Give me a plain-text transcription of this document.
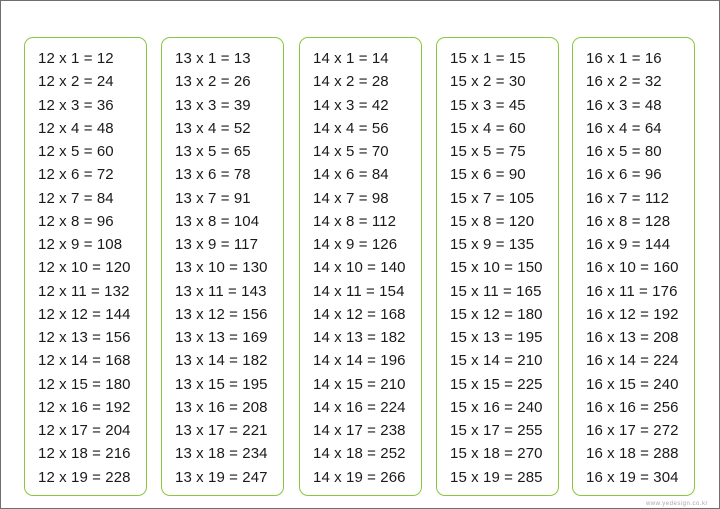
12 x 1 = 12
12 x 2 = 24
12 x 3 = 36
12 x 4 = 48
12 x 5 = 60
12 x 6 = 72
12 x 7 = 84
12 x 8 = 96
12 x 9 = 108
12 x 10 = 120
12 x 11 = 132
12 x 12 = 144
12 x 13 = 156
12 x 14 = 168
12 x 15 = 180
12 x 16 = 192
12 x 17 = 204
12 x 18 = 216
12 x 19 = 228
13 x 1 = 13
13 x 2 = 26
13 x 3 = 39
13 x 4 = 52
13 x 5 = 65
13 x 6 = 78
13 x 7 = 91
13 x 8 = 104
13 x 9 = 117
13 x 10 = 130
13 x 11 = 143
13 x 12 = 156
13 x 13 = 169
13 x 14 = 182
13 x 15 = 195
13 x 16 = 208
13 x 17 = 221
13 x 18 = 234
13 x 19 = 247
14 x 1 = 14
14 x 2 = 28
14 x 3 = 42
14 x 4 = 56
14 x 5 = 70
14 x 6 = 84
14 x 7 = 98
14 x 8 = 112
14 x 9 = 126
14 x 10 = 140
14 x 11 = 154
14 x 12 = 168
14 x 13 = 182
14 x 14 = 196
14 x 15 = 210
14 x 16 = 224
14 x 17 = 238
14 x 18 = 252
14 x 19 = 266
15 x 1 = 15
15 x 2 = 30
15 x 3 = 45
15 x 4 = 60
15 x 5 = 75
15 x 6 = 90
15 x 7 = 105
15 x 8 = 120
15 x 9 = 135
15 x 10 = 150
15 x 11 = 165
15 x 12 = 180
15 x 13 = 195
15 x 14 = 210
15 x 15 = 225
15 x 16 = 240
15 x 17 = 255
15 x 18 = 270
15 x 19 = 285
16 x 1 = 16
16 x 2 = 32
16 x 3 = 48
16 x 4 = 64
16 x 5 = 80
16 x 6 = 96
16 x 7 = 112
16 x 8 = 128
16 x 9 = 144
16 x 10 = 160
16 x 11 = 176
16 x 12 = 192
16 x 13 = 208
16 x 14 = 224
16 x 15 = 240
16 x 16 = 256
16 x 17 = 272
16 x 18 = 288
16 x 19 = 304
www.yedesign.co.kr
